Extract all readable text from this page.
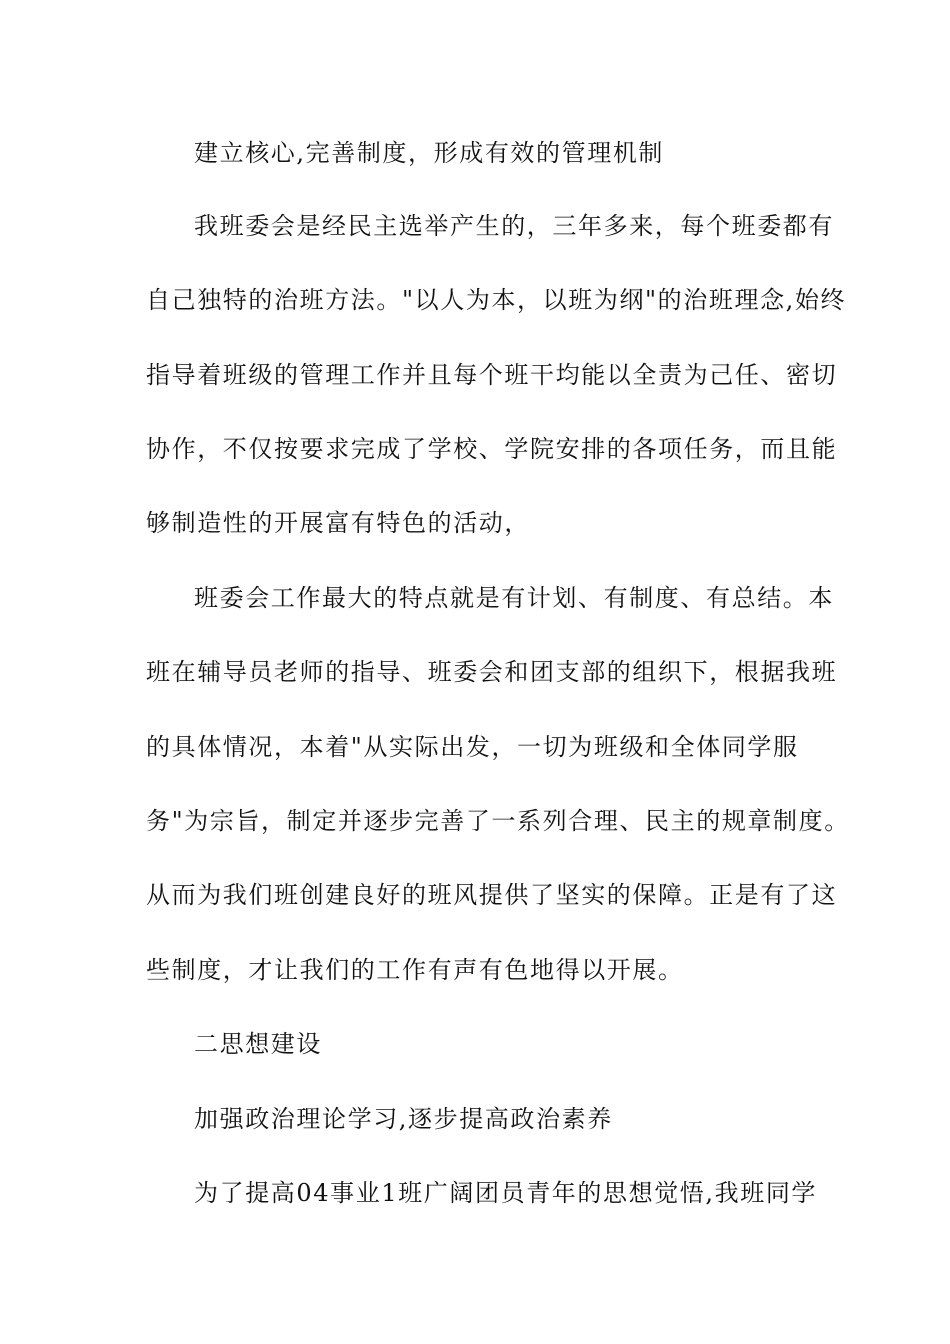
建立核心,完善制度，形成有效的管理机制
我班委会是经民主选举产生的，三年多来，每个班委都有
自己独特的治班方法。"以人为本，以班为纲"的治班理念,始终
指导着班级的管理工作并且每个班干均能以全责为己任、密切
协作，不仅按要求完成了学校、学院安排的各项任务，而且能
够制造性的开展富有特色的活动，
班委会工作最大的特点就是有计划、有制度、有总结。本
班在辅导员老师的指导、班委会和团支部的组织下，根据我班
的具体情况，本着"从实际出发，一切为班级和全体同学服
务"为宗旨，制定并逐步完善了一系列合理、民主的规章制度。
从而为我们班创建良好的班风提供了坚实的保障。正是有了这
些制度，才让我们的工作有声有色地得以开展。
二思想建设
加强政治理论学习,逐步提高政治素养
为了提高04事业1班广阔团员青年的思想觉悟,我班同学
